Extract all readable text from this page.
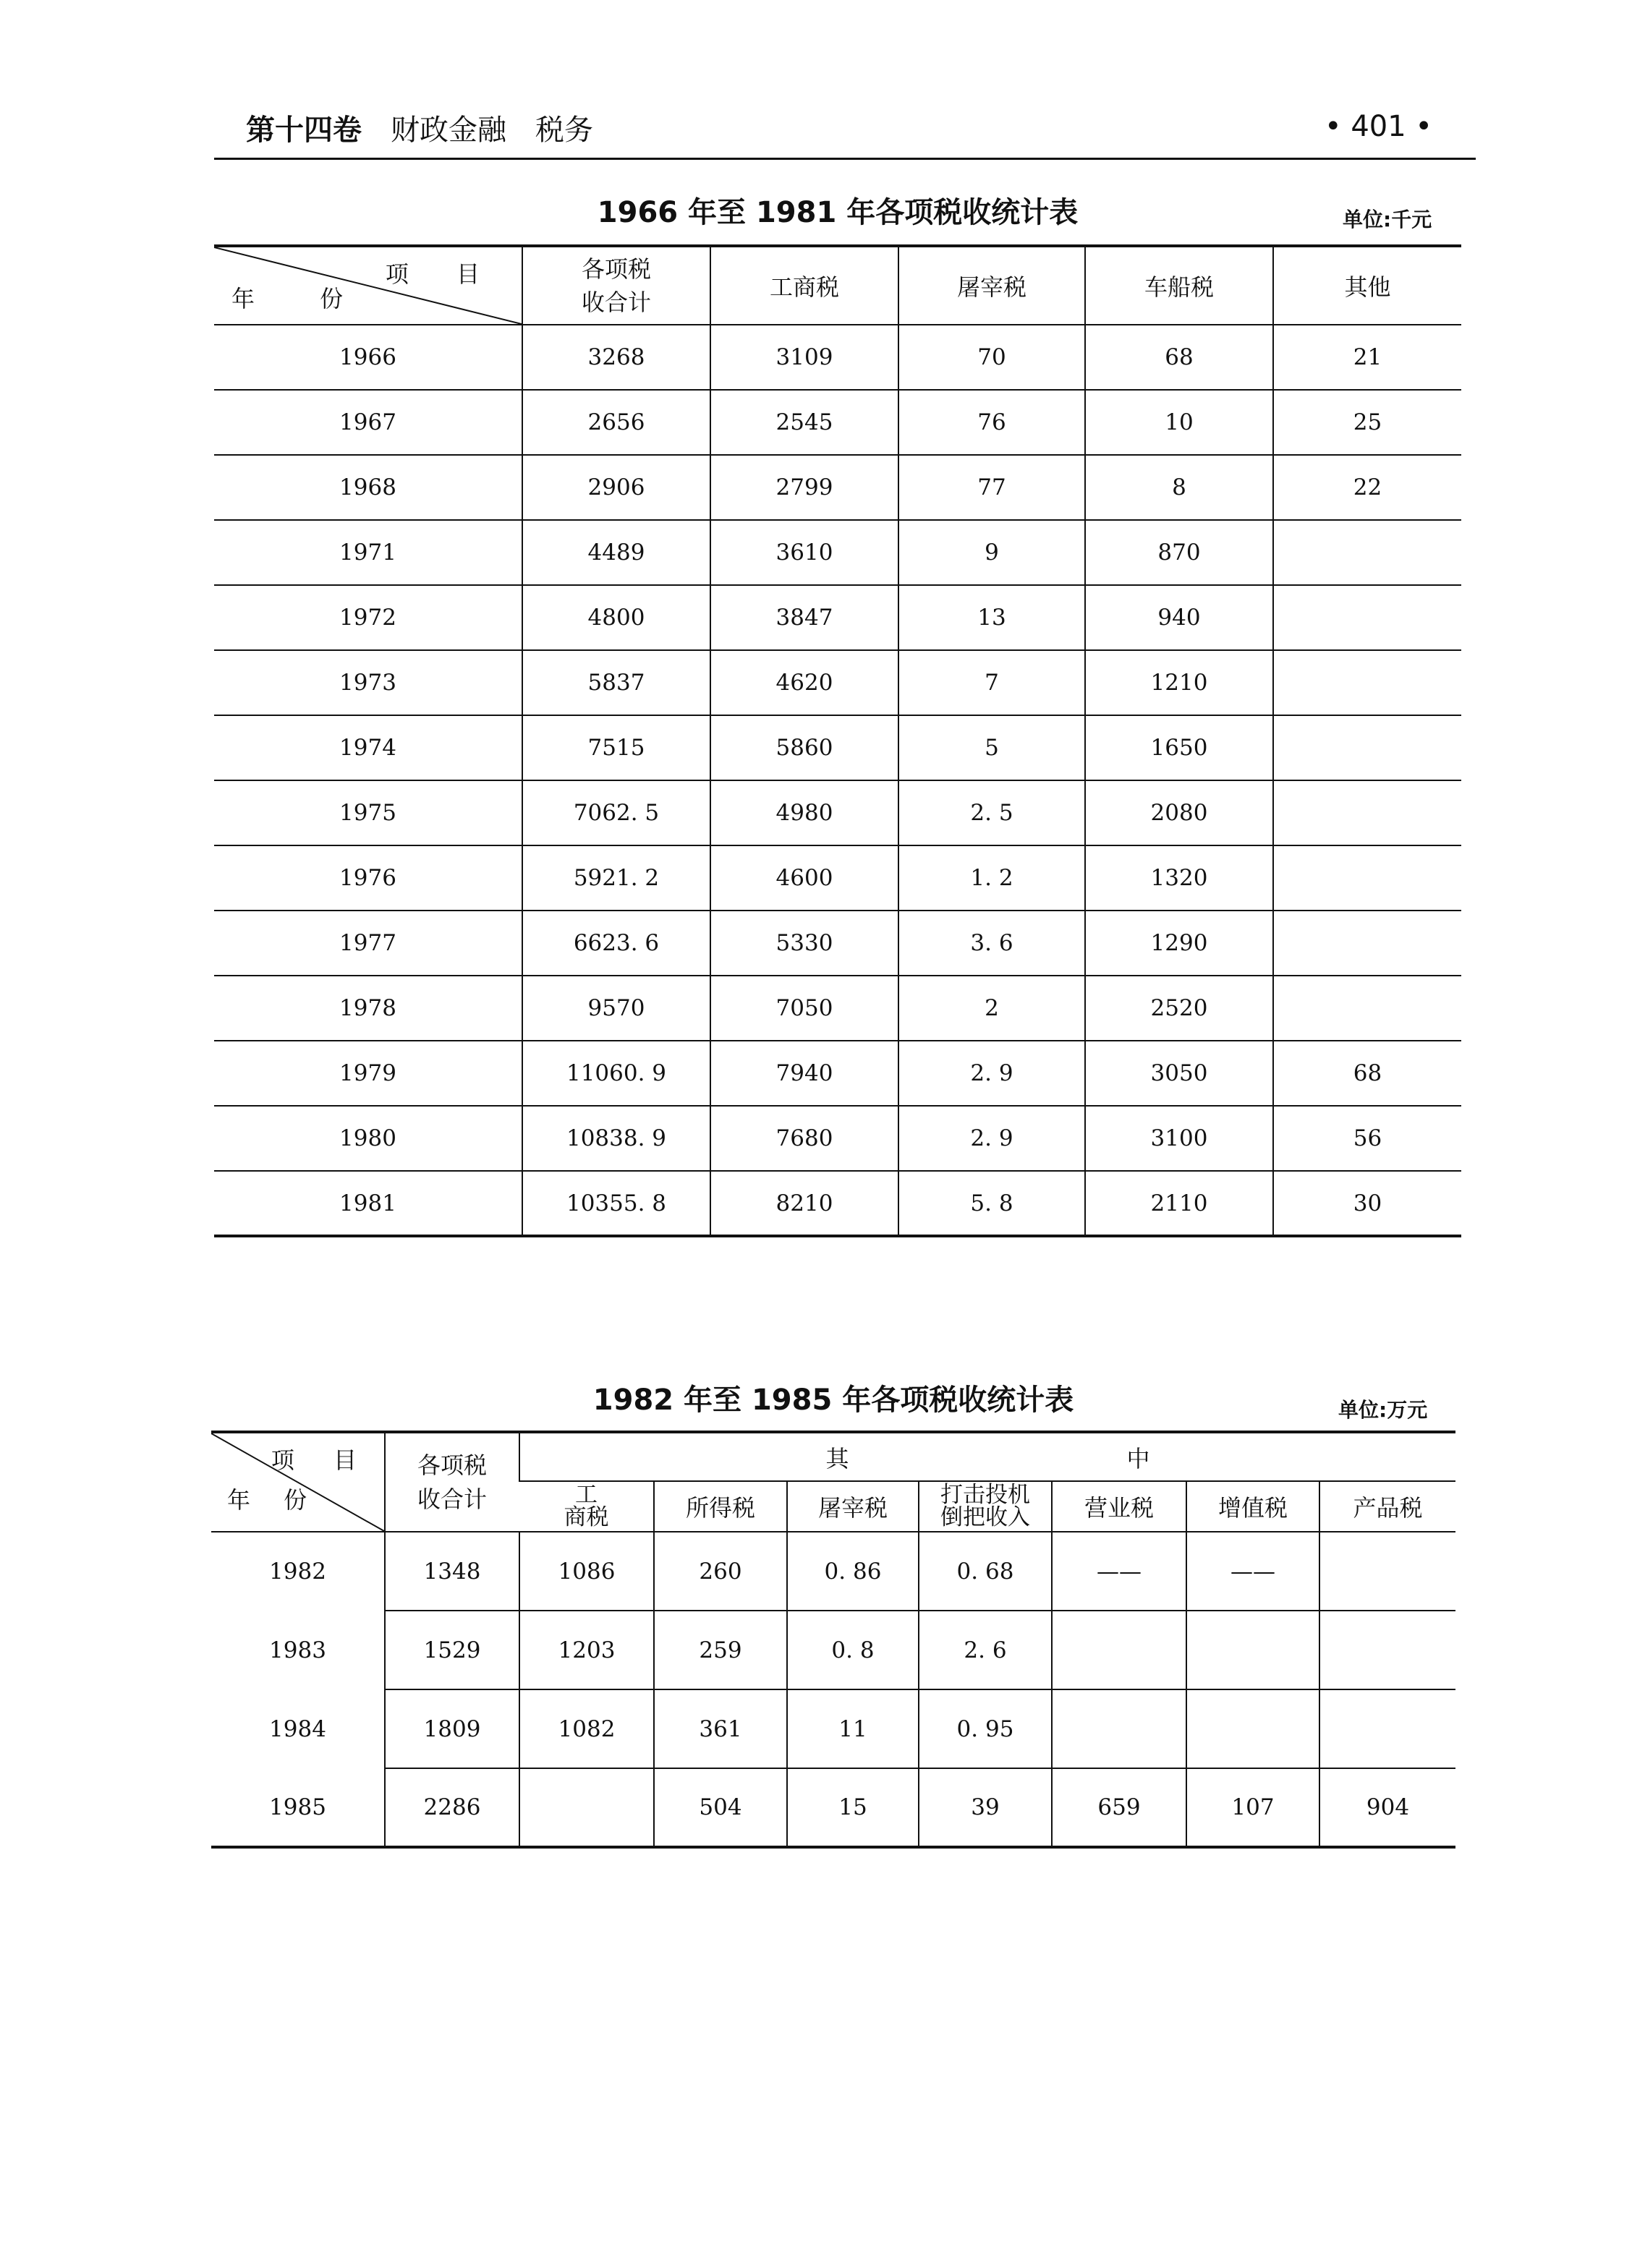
第十四卷　 财政金融　税务	• 401 •
1966 年至 1981 年各项税收统计表	单位:千元
项 目
年 份	各项税
收合计	工商税	屠宰税	车船税	其他
1966	3268	3109	70	68	21
1967	2656	2545	76	10	25
1968	2906	2799	77	8	22
1971	4489	3610	9	870	
1972	4800	3847	13	940	
1973	5837	4620	7	1210	
1974	7515	5860	5	1650	
1975	7062. 5	4980	2. 5	2080	
1976	5921. 2	4600	1. 2	1320	
1977	6623. 6	5330	3. 6	1290	
1978	9570	7050	2	2520	
1979	11060. 9	7940	2. 9	3050	68
1980	10838. 9	7680	2. 9	3100	56
1981	10355. 8	8210	5. 8	2110	30
1982 年至 1985 年各项税收统计表	单位:万元
项 目
年 份	各项税
收合计	其　　　　　　　　　　　　中						

		工
商税	所得税	屠宰税	打击投机
倒把收入	营业税	增值税	产品税

1982	1348	1086	260	0. 86	0. 68	——	——	
1983	1529	1203	259	0. 8	2. 6			
1984	1809	1082	361	11	0. 95			
1985	2286		504	15	39	659	107	904
